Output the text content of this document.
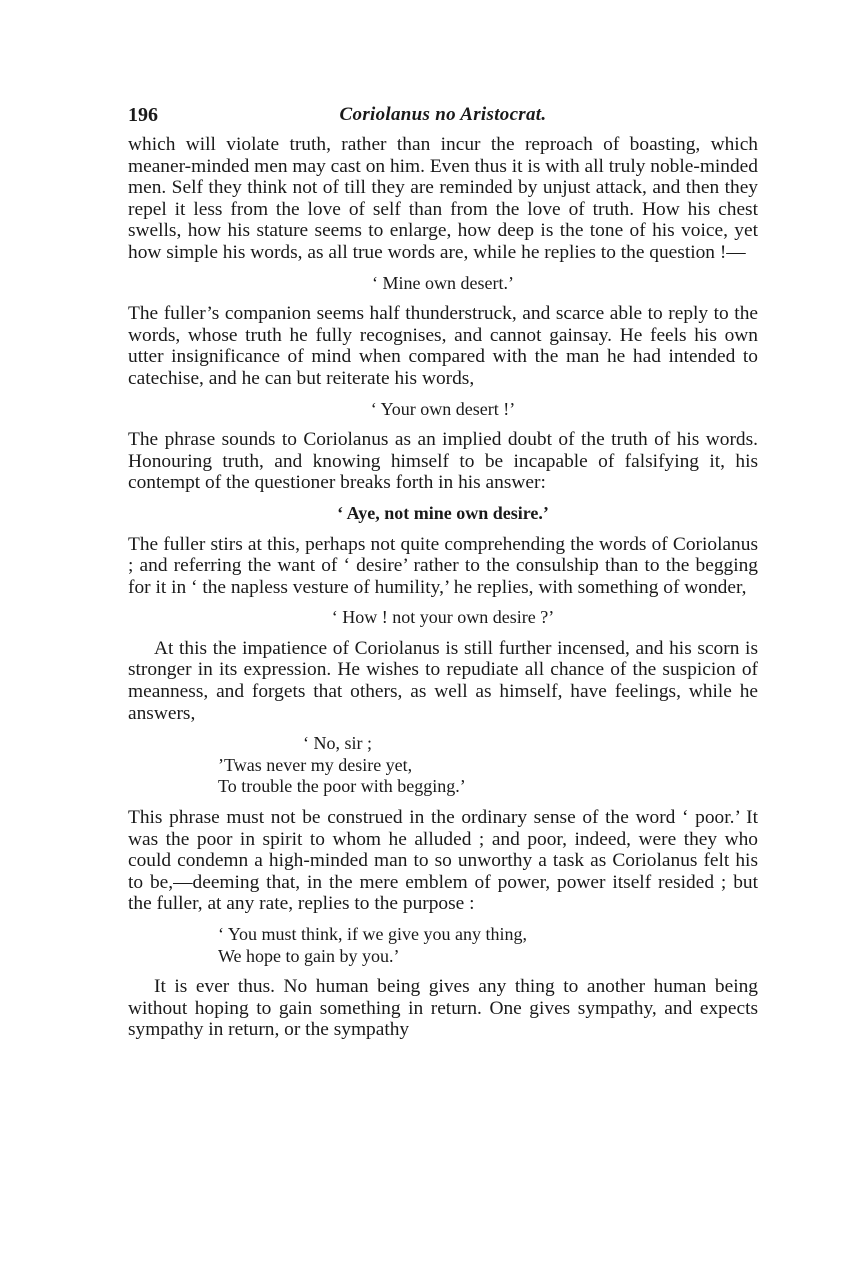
196	Coriolanus no Aristocrat.

which will violate truth, rather than incur the reproach of boasting, which meaner-minded men may cast on him. Even thus it is with all truly noble-minded men. Self they think not of till they are reminded by unjust attack, and then they repel it less from the love of self than from the love of truth. How his chest swells, how his stature seems to enlarge, how deep is the tone of his voice, yet how simple his words, as all true words are, while he replies to the question !—

‘ Mine own desert.’

The fuller’s companion seems half thunderstruck, and scarce able to reply to the words, whose truth he fully recognises, and cannot gainsay. He feels his own utter insignificance of mind when compared with the man he had intended to catechise, and he can but reiterate his words,

‘ Your own desert !’

The phrase sounds to Coriolanus as an implied doubt of the truth of his words. Honouring truth, and knowing himself to be incapable of falsifying it, his contempt of the questioner breaks forth in his answer:

‘ Aye, not mine own desire.’

The fuller stirs at this, perhaps not quite comprehending the words of Coriolanus ; and referring the want of ‘ desire’ rather to the consulship than to the begging for it in ‘ the napless vesture of humility,’ he replies, with something of wonder,

‘ How ! not your own desire ?’

At this the impatience of Coriolanus is still further incensed, and his scorn is stronger in its expression. He wishes to repudiate all chance of the suspicion of meanness, and forgets that others, as well as himself, have feelings, while he answers,

‘ No, sir ;
’Twas never my desire yet,
To trouble the poor with begging.’

This phrase must not be construed in the ordinary sense of the word ‘ poor.’ It was the poor in spirit to whom he alluded ; and poor, indeed, were they who could condemn a high-minded man to so unworthy a task as Coriolanus felt his to be,—deeming that, in the mere emblem of power, power itself resided ; but the fuller, at any rate, replies to the purpose :

‘ You must think, if we give you any thing,
We hope to gain by you.’

It is ever thus. No human being gives any thing to another human being without hoping to gain something in return. One gives sympathy, and expects sympathy in return, or the sympathy
